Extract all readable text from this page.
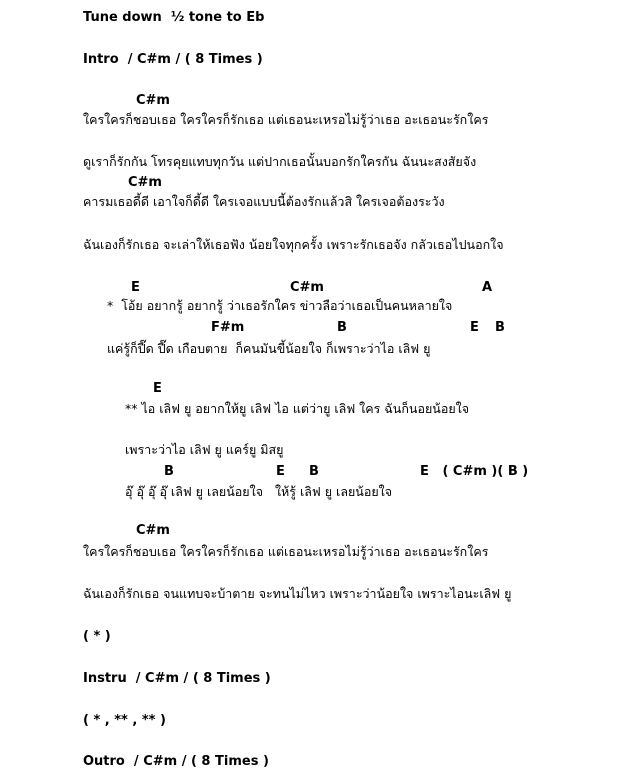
Tune down  ½ tone to Eb

Intro  / C#m / ( 8 Times )

C#m

ใครใครก็ชอบเธอ ใครใครก็รักเธอ แต่เธอนะเหรอไม่รู้ว่าเธอ อะเธอนะรักใคร

ดูเราก็รักกัน โทรคุยแทบทุกวัน แต่ปากเธอนั้นบอกรักใครกัน ฉันนะสงสัยจัง

C#m

คารมเธอดี้ดี เอาใจก็ดี้ดี ใครเจอแบบนี้ต้องรักแล้วสิ ใครเจอต้องระวัง

ฉันเองก็รักเธอ จะเล่าให้เธอฟัง น้อยใจทุกครั้ง เพราะรักเธอจัง กลัวเธอไปนอกใจ

E	C#m	A

*  โอ้ย อยากรู้ อยากรู้ ว่าเธอรักใคร ข่าวลือว่าเธอเป็นคนหลายใจ

F#m	B	E B

แค่รู้ก็ปี๊ด ปี๊ด เกือบตาย  ก็คนมันขี้น้อยใจ ก็เพราะว่าไอ เลิฟ ยู

E

** ไอ เลิฟ ยู อยากให้ยู เลิฟ ไอ แต่ว่ายู เลิฟ ใคร ฉันก็นอยน้อยใจ

เพราะว่าไอ เลิฟ ยู แคร์ยู มิสยู

B	E B	E   ( C#m )( B )

อุ๊ อุ๊ อุ๊ อุ๊ เลิฟ ยู เลยน้อยใจ   ให้รู้ เลิฟ ยู เลยน้อยใจ

C#m

ใครใครก็ชอบเธอ ใครใครก็รักเธอ แต่เธอนะเหรอไม่รู้ว่าเธอ อะเธอนะรักใคร

ฉันเองก็รักเธอ จนแทบจะบ้าตาย จะทนไม่ไหว เพราะว่าน้อยใจ เพราะไอนะเลิฟ ยู

( * )

Instru  / C#m / ( 8 Times )

( * , ** , ** )

Outro  / C#m / ( 8 Times )
